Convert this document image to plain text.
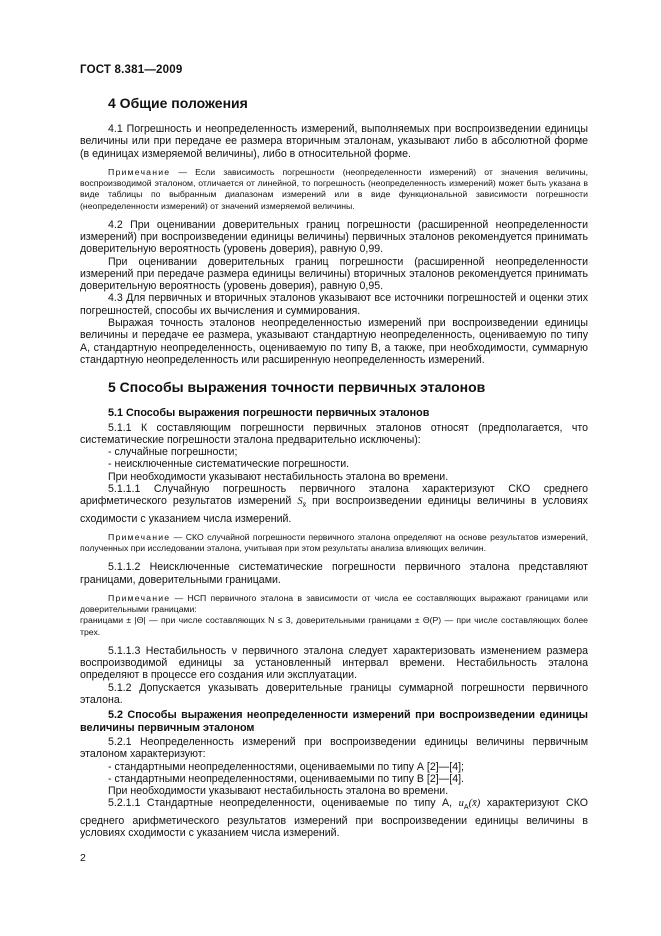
ГОСТ 8.381—2009
4 Общие положения

4.1 Погрешность и неопределенность измерений, выполняемых при воспроизведении единицы величины или при передаче ее размера вторичным эталонам, указывают либо в абсолютной форме (в единицах измеряемой величины), либо в относительной форме.

Примечание — Если зависимость погрешности (неопределенности измерений) от значения величины, воспроизводимой эталоном, отличается от линейной, то погрешность (неопределенность измерений) может быть указана в виде таблицы по выбранным диапазонам измерений или в виде функциональной зависимости погрешности (неопределенности измерений) от значений измеряемой величины.

4.2 При оценивании доверительных границ погрешности (расширенной неопределенности измерений) при воспроизведении единицы величины) первичных эталонов рекомендуется принимать доверительную вероятность (уровень доверия), равную 0,99.

При оценивании доверительных границ погрешности (расширенной неопределенности измерений при передаче размера единицы величины) вторичных эталонов рекомендуется принимать доверительную вероятность (уровень доверия), равную 0,95.

4.3 Для первичных и вторичных эталонов указывают все источники погрешностей и оценки этих погрешностей, способы их вычисления и суммирования.

Выражая точность эталонов неопределенностью измерений при воспроизведении единицы величины и передаче ее размера, указывают стандартную неопределенность, оцениваемую по типу А, стандартную неопределенность, оцениваемую по типу В, а также, при необходимости, суммарную стандартную неопределенность или расширенную неопределенность измерений.

5 Способы выражения точности первичных эталонов
5.1 Способы выражения погрешности первичных эталонов

5.1.1 К составляющим погрешности первичных эталонов относят (предполагается, что систематические погрешности эталона предварительно исключены):

- случайные погрешности;

- неисключенные систематические погрешности.

При необходимости указывают нестабильность эталона во времени.

5.1.1.1 Случайную погрешность первичного эталона характеризуют СКО среднего арифметического результатов измерений $S_{x̄}$ при воспроизведении единицы величины в условиях сходимости с указанием числа измерений.

Примечание — СКО случайной погрешности первичного эталона определяют на основе результатов измерений, полученных при исследовании эталона, учитывая при этом результаты анализа влияющих величин.

5.1.1.2 Неисключенные систематические погрешности первичного эталона представляют границами, доверительными границами.

Примечание — НСП первичного эталона в зависимости от числа ее составляющих выражают границами или доверительными границами:

границами ± |Θ| — при числе составляющих N ≤ 3, доверительными границами ± Θ(P) — при числе составляющих более трех.

5.1.1.3 Нестабильность ν первичного эталона следует характеризовать изменением размера воспроизводимой единицы за установленный интервал времени. Нестабильность эталона определяют в процессе его создания или эксплуатации.

5.1.2 Допускается указывать доверительные границы суммарной погрешности первичного эталона.

5.2 Способы выражения неопределенности измерений при воспроизведении единицы величины первичным эталоном

5.2.1 Неопределенность измерений при воспроизведении единицы величины первичным эталоном характеризуют:

- стандартными неопределенностями, оцениваемыми по типу А [2]—[4];

- стандартными неопределенностями, оцениваемыми по типу В [2]—[4].

При необходимости указывают нестабильность эталона во времени.

5.2.1.1 Стандартные неопределенности, оцениваемые по типу А, $u_A(x̄)$ характеризуют СКО среднего арифметического результатов измерений при воспроизведении единицы величины в условиях сходимости с указанием числа измерений.

2
